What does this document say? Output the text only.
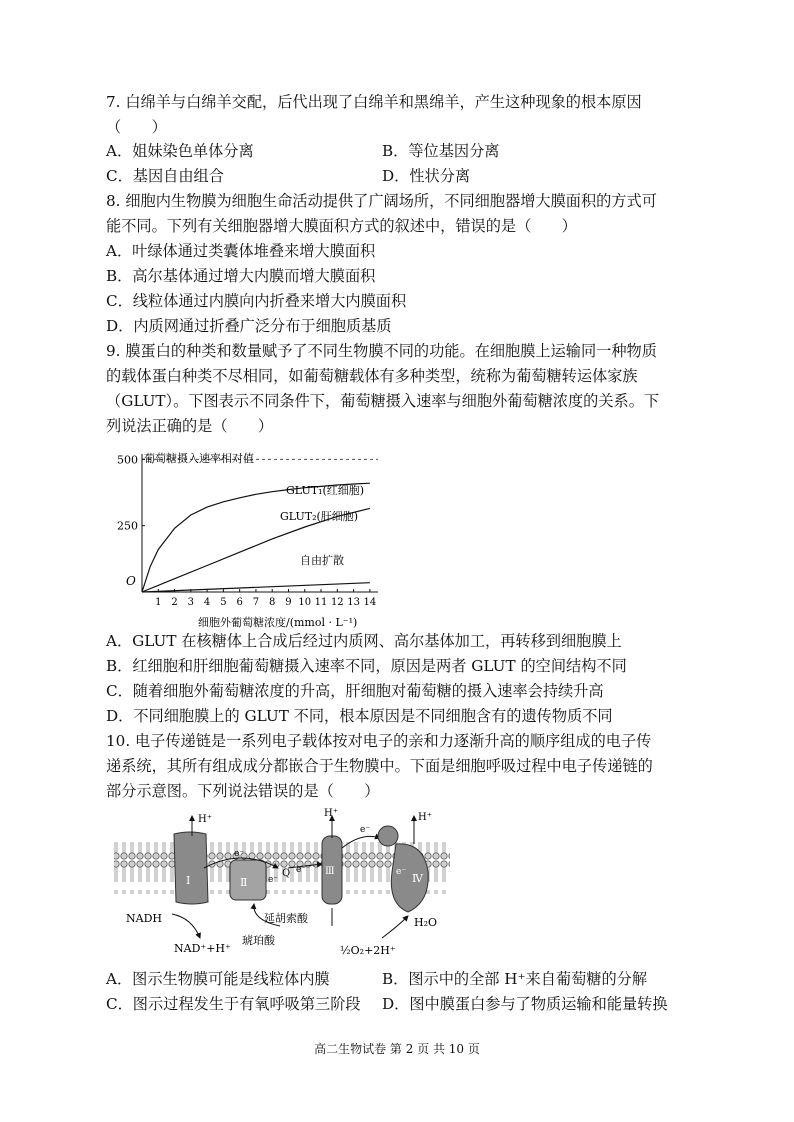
7. 白绵羊与白绵羊交配，后代出现了白绵羊和黑绵羊，产生这种现象的根本原因
（　　）
A．姐妹染色单体分离	B．等位基因分离
C．基因自由组合	D．性状分离
8. 细胞内生物膜为细胞生命活动提供了广阔场所，不同细胞器增大膜面积的方式可
能不同。下列有关细胞器增大膜面积方式的叙述中，错误的是（　　）
A．叶绿体通过类囊体堆叠来增大膜面积
B．高尔基体通过增大内膜而增大膜面积
C．线粒体通过内膜向内折叠来增大内膜面积
D．内质网通过折叠广泛分布于细胞质基质
9. 膜蛋白的种类和数量赋予了不同生物膜不同的功能。在细胞膜上运输同一种物质
的载体蛋白种类不尽相同，如葡萄糖载体有多种类型，统称为葡萄糖转运体家族
（GLUT）。下图表示不同条件下，葡萄糖摄入速率与细胞外葡萄糖浓度的关系。下
列说法正确的是（　　）
葡萄糖摄入速率相对值
细胞外葡萄糖浓度/(mmol · L⁻¹)
O
1 2 3 4 5 6 7 8 9 10 11 12 13 14
250
500
GLUT₁(红细胞)
GLUT₂(肝细胞)
自由扩散
A．GLUT 在核糖体上合成后经过内质网、高尔基体加工，再转移到细胞膜上
B．红细胞和肝细胞葡萄糖摄入速率不同，原因是两者 GLUT 的空间结构不同
C．随着细胞外葡萄糖浓度的升高，肝细胞对葡萄糖的摄入速率会持续升高
D．不同细胞膜上的 GLUT 不同，根本原因是不同细胞含有的遗传物质不同
10. 电子传递链是一系列电子载体按对电子的亲和力逐渐升高的顺序组成的电子传
递系统，其所有组成成分都嵌合于生物膜中。下面是细胞呼吸过程中电子传递链的
部分示意图。下列说法错误的是（　　）
Ⅰ
H⁺
NADH
NAD⁺+H⁺
Ⅱ
e⁻
e⁻
Q e⁻
延胡索酸
琥珀酸
Ⅲ
H⁺
e⁻
Ⅳ
e⁻
H⁺
H₂O
½O₂+2H⁺
A．图示生物膜可能是线粒体内膜	B．图示中的全部 H⁺来自葡萄糖的分解
C．图示过程发生于有氧呼吸第三阶段 D．图中膜蛋白参与了物质运输和能量转换
高二生物试卷 第 2 页 共 10 页
